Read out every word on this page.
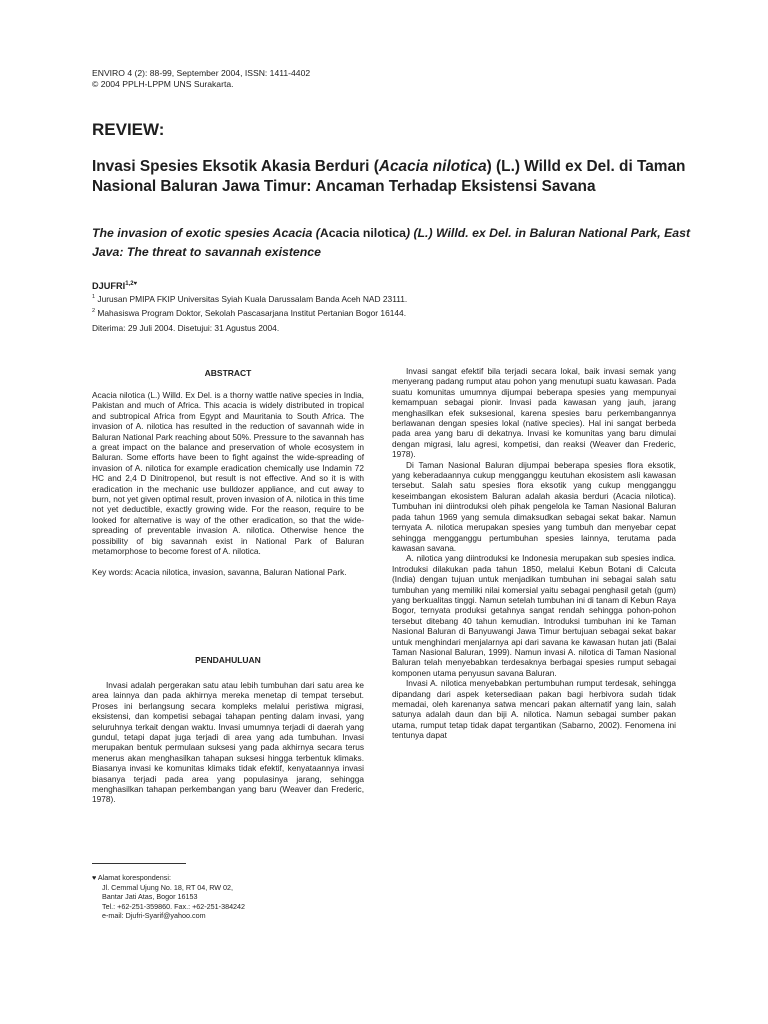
ENVIRO 4 (2): 88-99, September 2004, ISSN: 1411-4402
© 2004 PPLH-LPPM UNS Surakarta.
REVIEW:
Invasi Spesies Eksotik Akasia Berduri (Acacia nilotica) (L.) Willd ex Del. di Taman Nasional Baluran Jawa Timur: Ancaman Terhadap Eksistensi Savana
The invasion of exotic spesies Acacia (Acacia nilotica) (L.) Willd. ex Del. in Baluran National Park, East Java: The threat to savannah existence
$DJUFRI^{1,2♥}$
$^1$ Jurusan PMIPA FKIP Universitas Syiah Kuala Darussalam Banda Aceh NAD 23111.
$^2$ Mahasiswa Program Doktor, Sekolah Pascasarjana Institut Pertanian Bogor 16144.
Diterima: 29 Juli 2004. Disetujui: 31 Agustus 2004.
ABSTRACT

Acacia nilotica (L.) Willd. Ex Del. is a thorny wattle native species in India, Pakistan and much of Africa. This acacia is widely distributed in tropical and subtropical Africa from Egypt and Mauritania to South Africa. The invasion of A. nilotica has resulted in the reduction of savannah wide in Baluran National Park reaching about 50%. Pressure to the savannah has a great impact on the balance and preservation of whole ecosystem in Baluran. Some efforts have been to fight against the wide-spreading of invasion of A. nilotica for example eradication chemically use Indamin 72 HC and 2,4 D Dinitropenol, but result is not effective. And so it is with eradication in the mechanic use bulldozer appliance, and cut away to burn, not yet given optimal result, proven invasion of A. nilotica in this time not yet deductible, exactly growing wide. For the reason, require to be looked for alternative is way of the other eradication, so that the wide-spreading of preventable invasion A. nilotica. Otherwise hence the possibility of big savannah exist in National Park of Baluran metamorphose to become forest of A. nilotica.

Key words: Acacia nilotica, invasion, savanna, Baluran National Park.

PENDAHULUAN

Invasi adalah pergerakan satu atau lebih tumbuhan dari satu area ke area lainnya dan pada akhirnya mereka menetap di tempat tersebut. Proses ini berlangsung secara kompleks melalui peristiwa migrasi, eksistensi, dan kompetisi sebagai tahapan penting dalam invasi, yang seluruhnya terkait dengan waktu. Invasi umumnya terjadi di daerah yang gundul, tetapi dapat juga terjadi di area yang ada tumbuhan. Invasi merupakan bentuk permulaan suksesi yang pada akhirnya secara terus menerus akan menghasilkan tahapan suksesi hingga terbentuk klimaks. Biasanya invasi ke komunitas klimaks tidak efektif, kenyataannya invasi biasanya terjadi pada area yang populasinya jarang, sehingga menghasilkan tahapan perkembangan yang baru (Weaver dan Frederic, 1978).

♥ Alamat korespondensi:
Jl. Cemmal Ujung No. 18, RT 04, RW 02,
Bantar Jati Atas, Bogor 16153
Tel.: +62-251-359860. Fax.: +62-251-384242
e-mail: Djufri-Syarif@yahoo.com

Invasi sangat efektif bila terjadi secara lokal, baik invasi semak yang menyerang padang rumput atau pohon yang menutupi suatu kawasan. Pada suatu komunitas umumnya dijumpai beberapa spesies yang mempunyai kemampuan sebagai pionir. Invasi pada kawasan yang jauh, jarang menghasilkan efek suksesional, karena spesies baru perkembangannya berlawanan dengan spesies lokal (native species). Hal ini sangat berbeda pada area yang baru di dekatnya. Invasi ke komunitas yang baru dimulai dengan migrasi, lalu agresi, kompetisi, dan reaksi (Weaver dan Frederic, 1978).

Di Taman Nasional Baluran dijumpai beberapa spesies flora eksotik, yang keberadaannya cukup mengganggu keutuhan ekosistem asli kawasan tersebut. Salah satu spesies flora eksotik yang cukup mengganggu keseimbangan ekosistem Baluran adalah akasia berduri (Acacia nilotica). Tumbuhan ini diintroduksi oleh pihak pengelola ke Taman Nasional Baluran pada tahun 1969 yang semula dimaksudkan sebagai sekat bakar. Namun ternyata A. nilotica merupakan spesies yang tumbuh dan menyebar cepat sehingga mengganggu pertumbuhan spesies lainnya, terutama pada kawasan savana.

A. nilotica yang diintroduksi ke Indonesia merupakan sub spesies indica. Introduksi dilakukan pada tahun 1850, melalui Kebun Botani di Calcuta (India) dengan tujuan untuk menjadikan tumbuhan ini sebagai salah satu tumbuhan yang memiliki nilai komersial yaitu sebagai penghasil getah (gum) yang berkualitas tinggi. Namun setelah tumbuhan ini di tanam di Kebun Raya Bogor, ternyata produksi getahnya sangat rendah sehingga pohon-pohon tersebut ditebang 40 tahun kemudian. Introduksi tumbuhan ini ke Taman Nasional Baluran di Banyuwangi Jawa Timur bertujuan sebagai sekat bakar untuk menghindari menjalarnya api dari savana ke kawasan hutan jati (Balai Taman Nasional Baluran, 1999). Namun invasi A. nilotica di Taman Nasional Baluran telah menyebabkan terdesaknya berbagai spesies rumput sebagai komponen utama penyusun savana Baluran.

Invasi A. nilotica menyebabkan pertumbuhan rumput terdesak, sehingga dipandang dari aspek ketersediaan pakan bagi herbivora sudah tidak memadai, oleh karenanya satwa mencari pakan alternatif yang lain, salah satunya adalah daun dan biji A. nilotica. Namun sebagai sumber pakan utama, rumput tetap tidak dapat tergantikan (Sabarno, 2002). Fenomena ini tentunya dapat
